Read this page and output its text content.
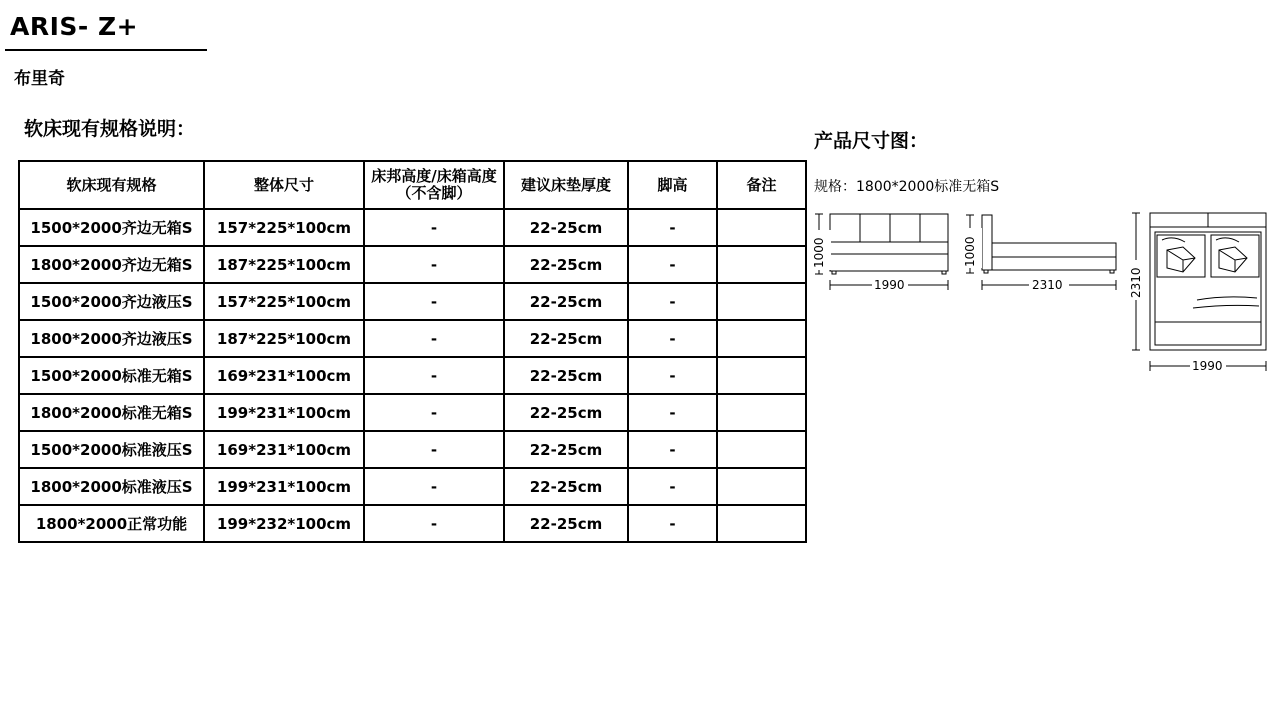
ARIS- Z+
布里奇
软床现有规格说明：
软床现有规格	整体尺寸	床邦高度/床箱高度（不含脚）	建议床垫厚度	脚高	备注
1500*2000齐边无箱S	157*225*100cm	-	22-25cm	-	
1800*2000齐边无箱S	187*225*100cm	-	22-25cm	-	
1500*2000齐边液压S	157*225*100cm	-	22-25cm	-	
1800*2000齐边液压S	187*225*100cm	-	22-25cm	-	
1500*2000标准无箱S	169*231*100cm	-	22-25cm	-	
1800*2000标准无箱S	199*231*100cm	-	22-25cm	-	
1500*2000标准液压S	169*231*100cm	-	22-25cm	-	
1800*2000标准液压S	199*231*100cm	-	22-25cm	-	
1800*2000正常功能	199*232*100cm	-	22-25cm	-	
产品尺寸图：
规格：1800*2000标准无箱S
1000
1990
1000
2310	2310
1990
